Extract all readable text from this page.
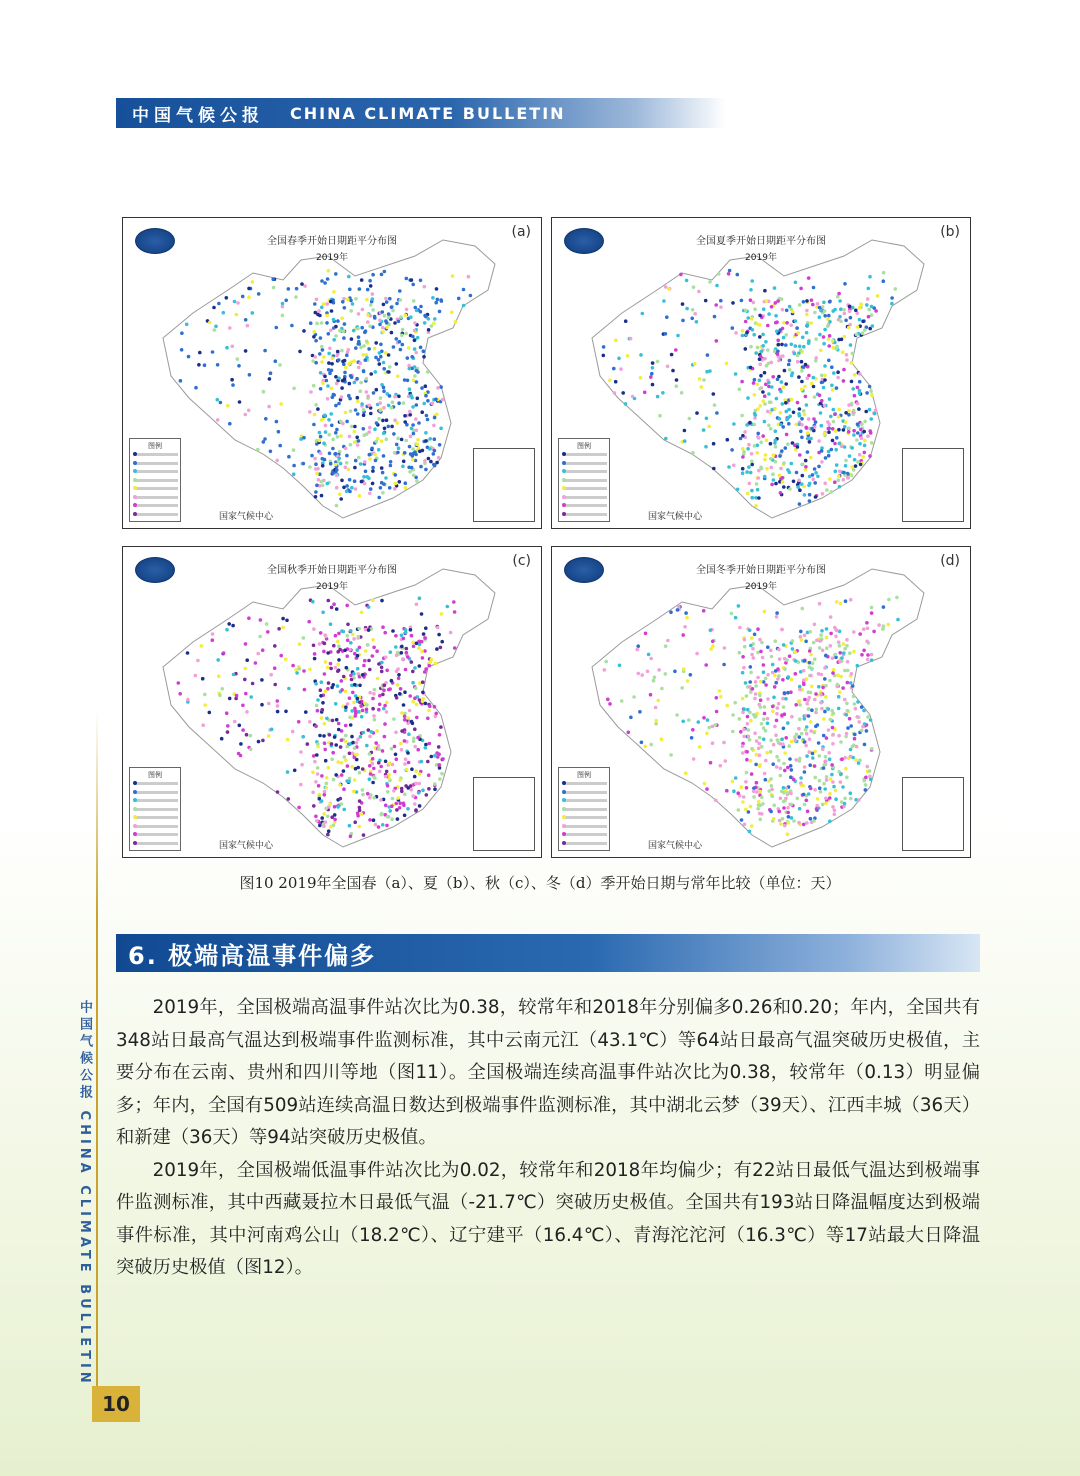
中国气候公报 CHINA CLIMATE BULLETIN
全国春季开始日期距平分布图
2019年
(a)
图例
国家气候中心
全国夏季开始日期距平分布图
2019年
(b)
图例
国家气候中心
全国秋季开始日期距平分布图
2019年
(c)
图例
国家气候中心
全国冬季开始日期距平分布图
2019年
(d)
图例
国家气候中心
图10 2019年全国春（a）、夏（b）、秋（c）、冬（d）季开始日期与常年比较（单位：天）
6. 极端高温事件偏多

2019年，全国极端高温事件站次比为0.38，较常年和2018年分别偏多0.26和0.20；年内，全国共有348站日最高气温达到极端事件监测标准，其中云南元江（43.1℃）等64站日最高气温突破历史极值，主要分布在云南、贵州和四川等地（图11）。全国极端连续高温事件站次比为0.38，较常年（0.13）明显偏多；年内，全国有509站连续高温日数达到极端事件监测标准，其中湖北云梦（39天）、江西丰城（36天）和新建（36天）等94站突破历史极值。

2019年，全国极端低温事件站次比为0.02，较常年和2018年均偏少；有22站日最低气温达到极端事件监测标准，其中西藏聂拉木日最低气温（-21.7℃）突破历史极值。全国共有193站日降温幅度达到极端事件标准，其中河南鸡公山（18.2℃）、辽宁建平（16.4℃）、青海沱沱河（16.3℃）等17站最大日降温突破历史极值（图12）。

中国气候公报 CHINA CLIMATE BULLETIN
10
